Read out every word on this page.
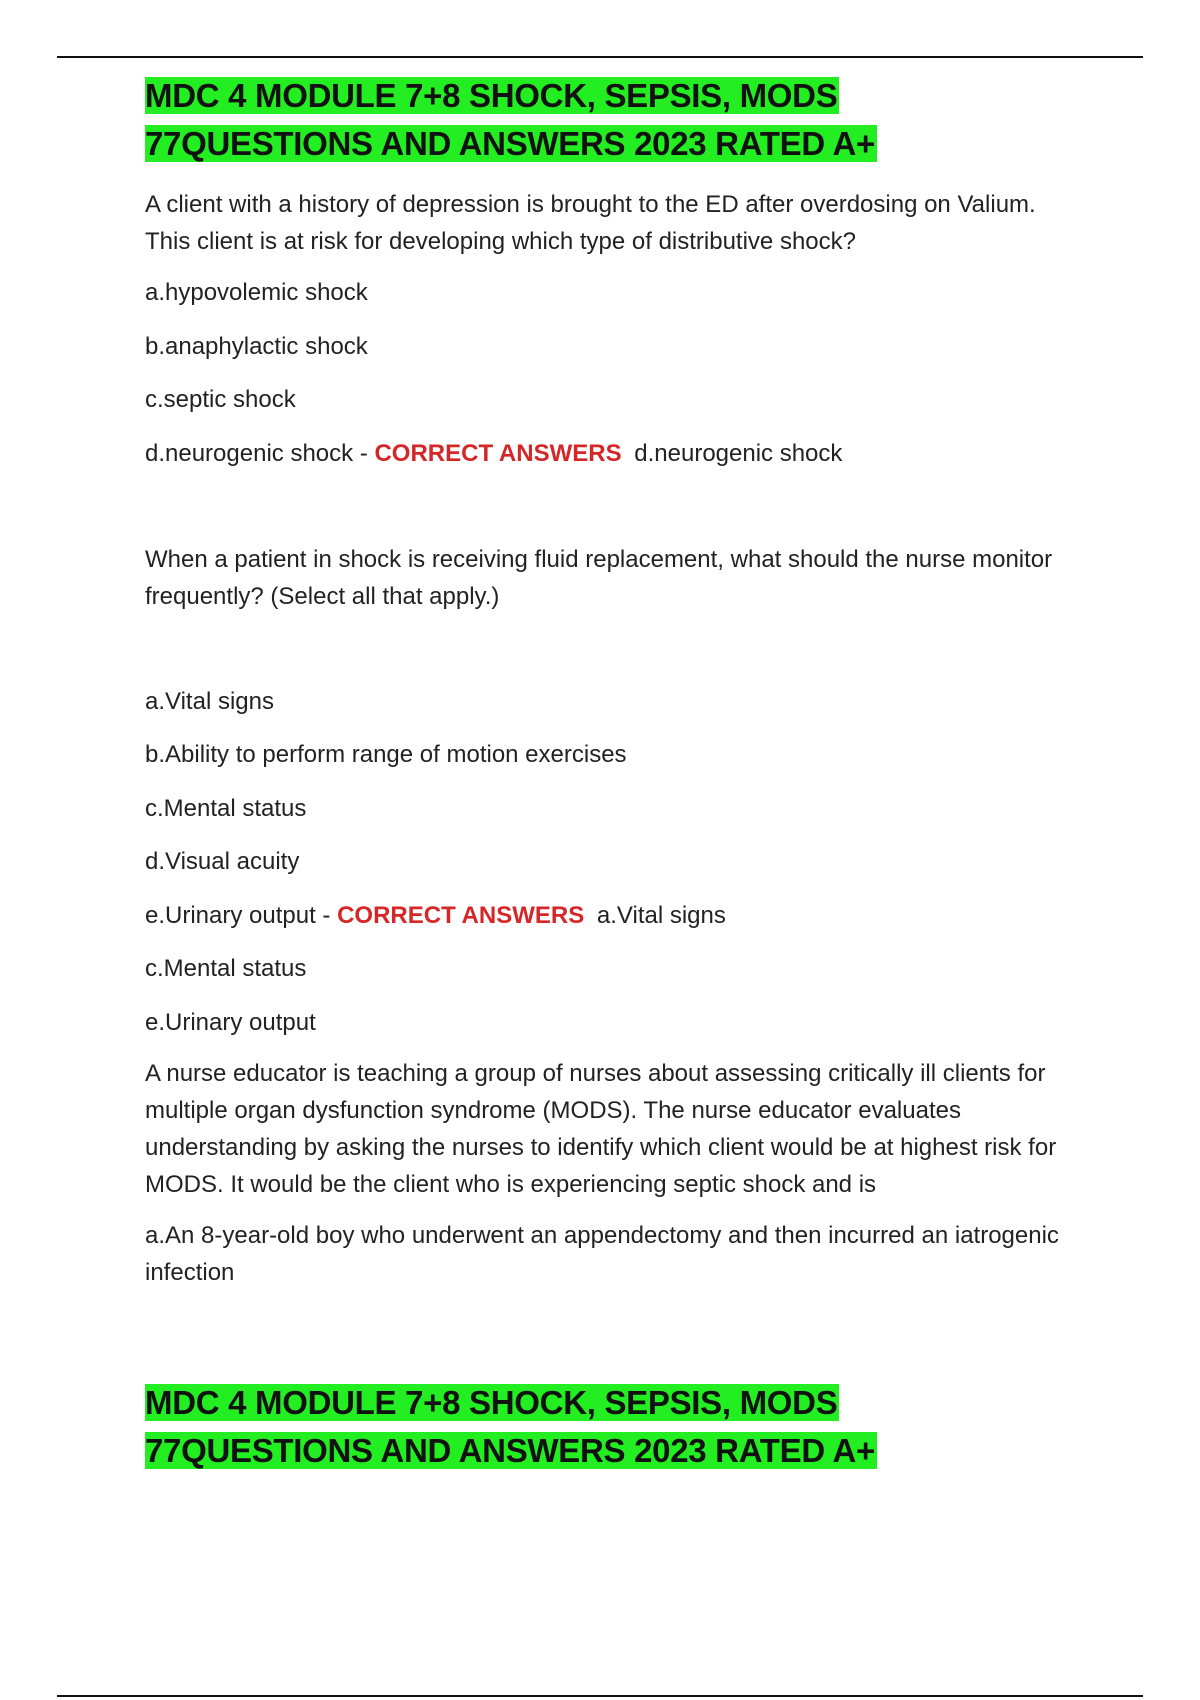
MDC 4 MODULE 7+8 SHOCK, SEPSIS, MODS
77QUESTIONS AND ANSWERS 2023 RATED A+

A client with a history of depression is brought to the ED after overdosing on Valium. This client is at risk for developing which type of distributive shock?

a.hypovolemic shock

b.anaphylactic shock

c.septic shock

d.neurogenic shock - CORRECT ANSWERS d.neurogenic shock

When a patient in shock is receiving fluid replacement, what should the nurse monitor frequently? (Select all that apply.)

a.Vital signs

b.Ability to perform range of motion exercises

c.Mental status

d.Visual acuity

e.Urinary output - CORRECT ANSWERS a.Vital signs

c.Mental status

e.Urinary output

A nurse educator is teaching a group of nurses about assessing critically ill clients for multiple organ dysfunction syndrome (MODS). The nurse educator evaluates understanding by asking the nurses to identify which client would be at highest risk for MODS. It would be the client who is experiencing septic shock and is

a.An 8-year-old boy who underwent an appendectomy and then incurred an iatrogenic infection

MDC 4 MODULE 7+8 SHOCK, SEPSIS, MODS
77QUESTIONS AND ANSWERS 2023 RATED A+
